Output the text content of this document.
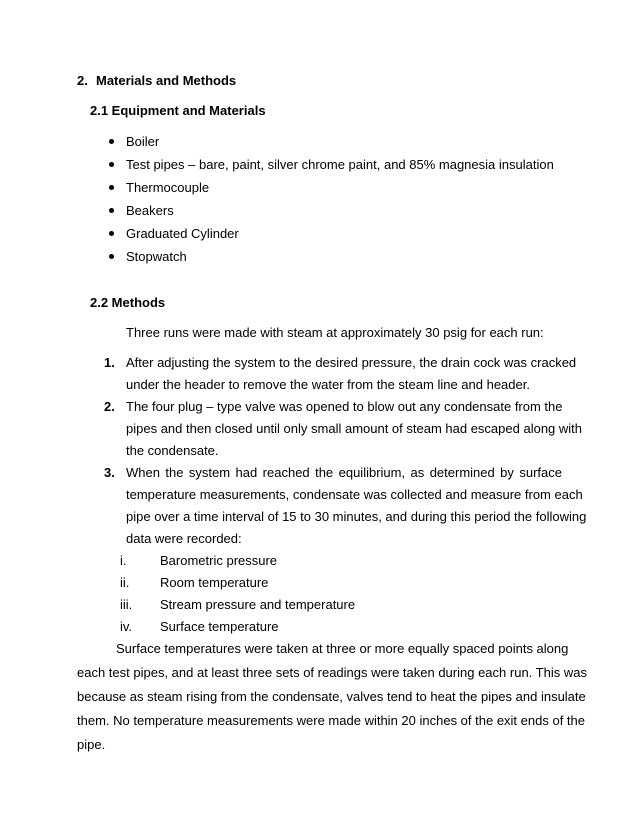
2. Materials and Methods
2.1 Equipment and Materials
Boiler
Test pipes – bare, paint, silver chrome paint, and 85% magnesia insulation
Thermocouple
Beakers
Graduated Cylinder
Stopwatch
2.2 Methods
Three runs were made with steam at approximately 30 psig for each run:
1. After adjusting the system to the desired pressure, the drain cock was cracked
under the header to remove the water from the steam line and header.
2. The four plug – type valve was opened to blow out any condensate from the
pipes and then closed until only small amount of steam had escaped along with
the condensate.
3. When the system had reached the equilibrium, as determined by surface
temperature measurements, condensate was collected and measure from each
pipe over a time interval of 15 to 30 minutes, and during this period the following
data were recorded:
i.	Barometric pressure
ii. Room temperature
iii. Stream pressure and temperature
iv. Surface temperature
Surface temperatures were taken at three or more equally spaced points along
each test pipes, and at least three sets of readings were taken during each run. This was
because as steam rising from the condensate, valves tend to heat the pipes and insulate
them. No temperature measurements were made within 20 inches of the exit ends of the
pipe.
